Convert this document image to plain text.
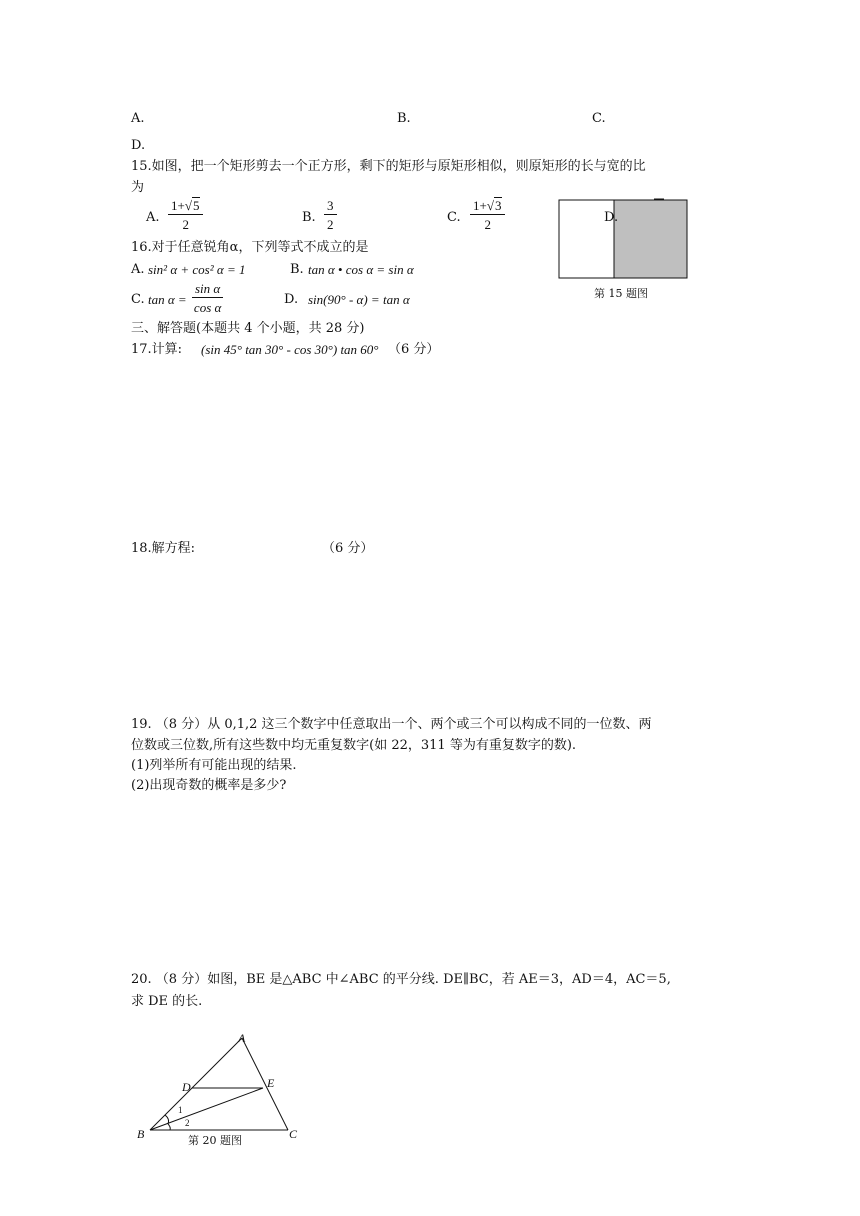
A.	B.	C.
D.
15.如图，把一个矩形剪去一个正方形，剩下的矩形与原矩形相似，则原矩形的长与宽的比
为
A. $\frac{1+√5}{2}$	B. $\frac{3}{2}$	C. $\frac{1+√3}{2}$	D.
第 15 题图
16.对于任意锐角α，下列等式不成立的是
A. sin² α + cos² α = 1	B. tan α • cos α = sin α
C. $\tan \alpha = \frac{\text{sin α}}{\text{cos α}}$	D. sin(90° - α) = tan α
三、解答题(本题共 4 个小题，共 28 分)
17.计算: (sin 45° tan 30° - cos 30°) tan 60° （6 分）
18.解方程:	（6 分）
19. （8 分）从 0,1,2 这三个数字中任意取出一个、两个或三个可以构成不同的一位数、两
位数或三位数,所有这些数中均无重复数字(如 22，311 等为有重复数字的数).
(1)列举所有可能出现的结果.
(2)出现奇数的概率是多少?
20. （8 分）如图，BE 是△ABC 中∠ABC 的平分线. DE∥BC，若 AE＝3，AD＝4，AC＝5,
求 DE 的长.
A
B	C
D	E
1
2
第 20 题图
